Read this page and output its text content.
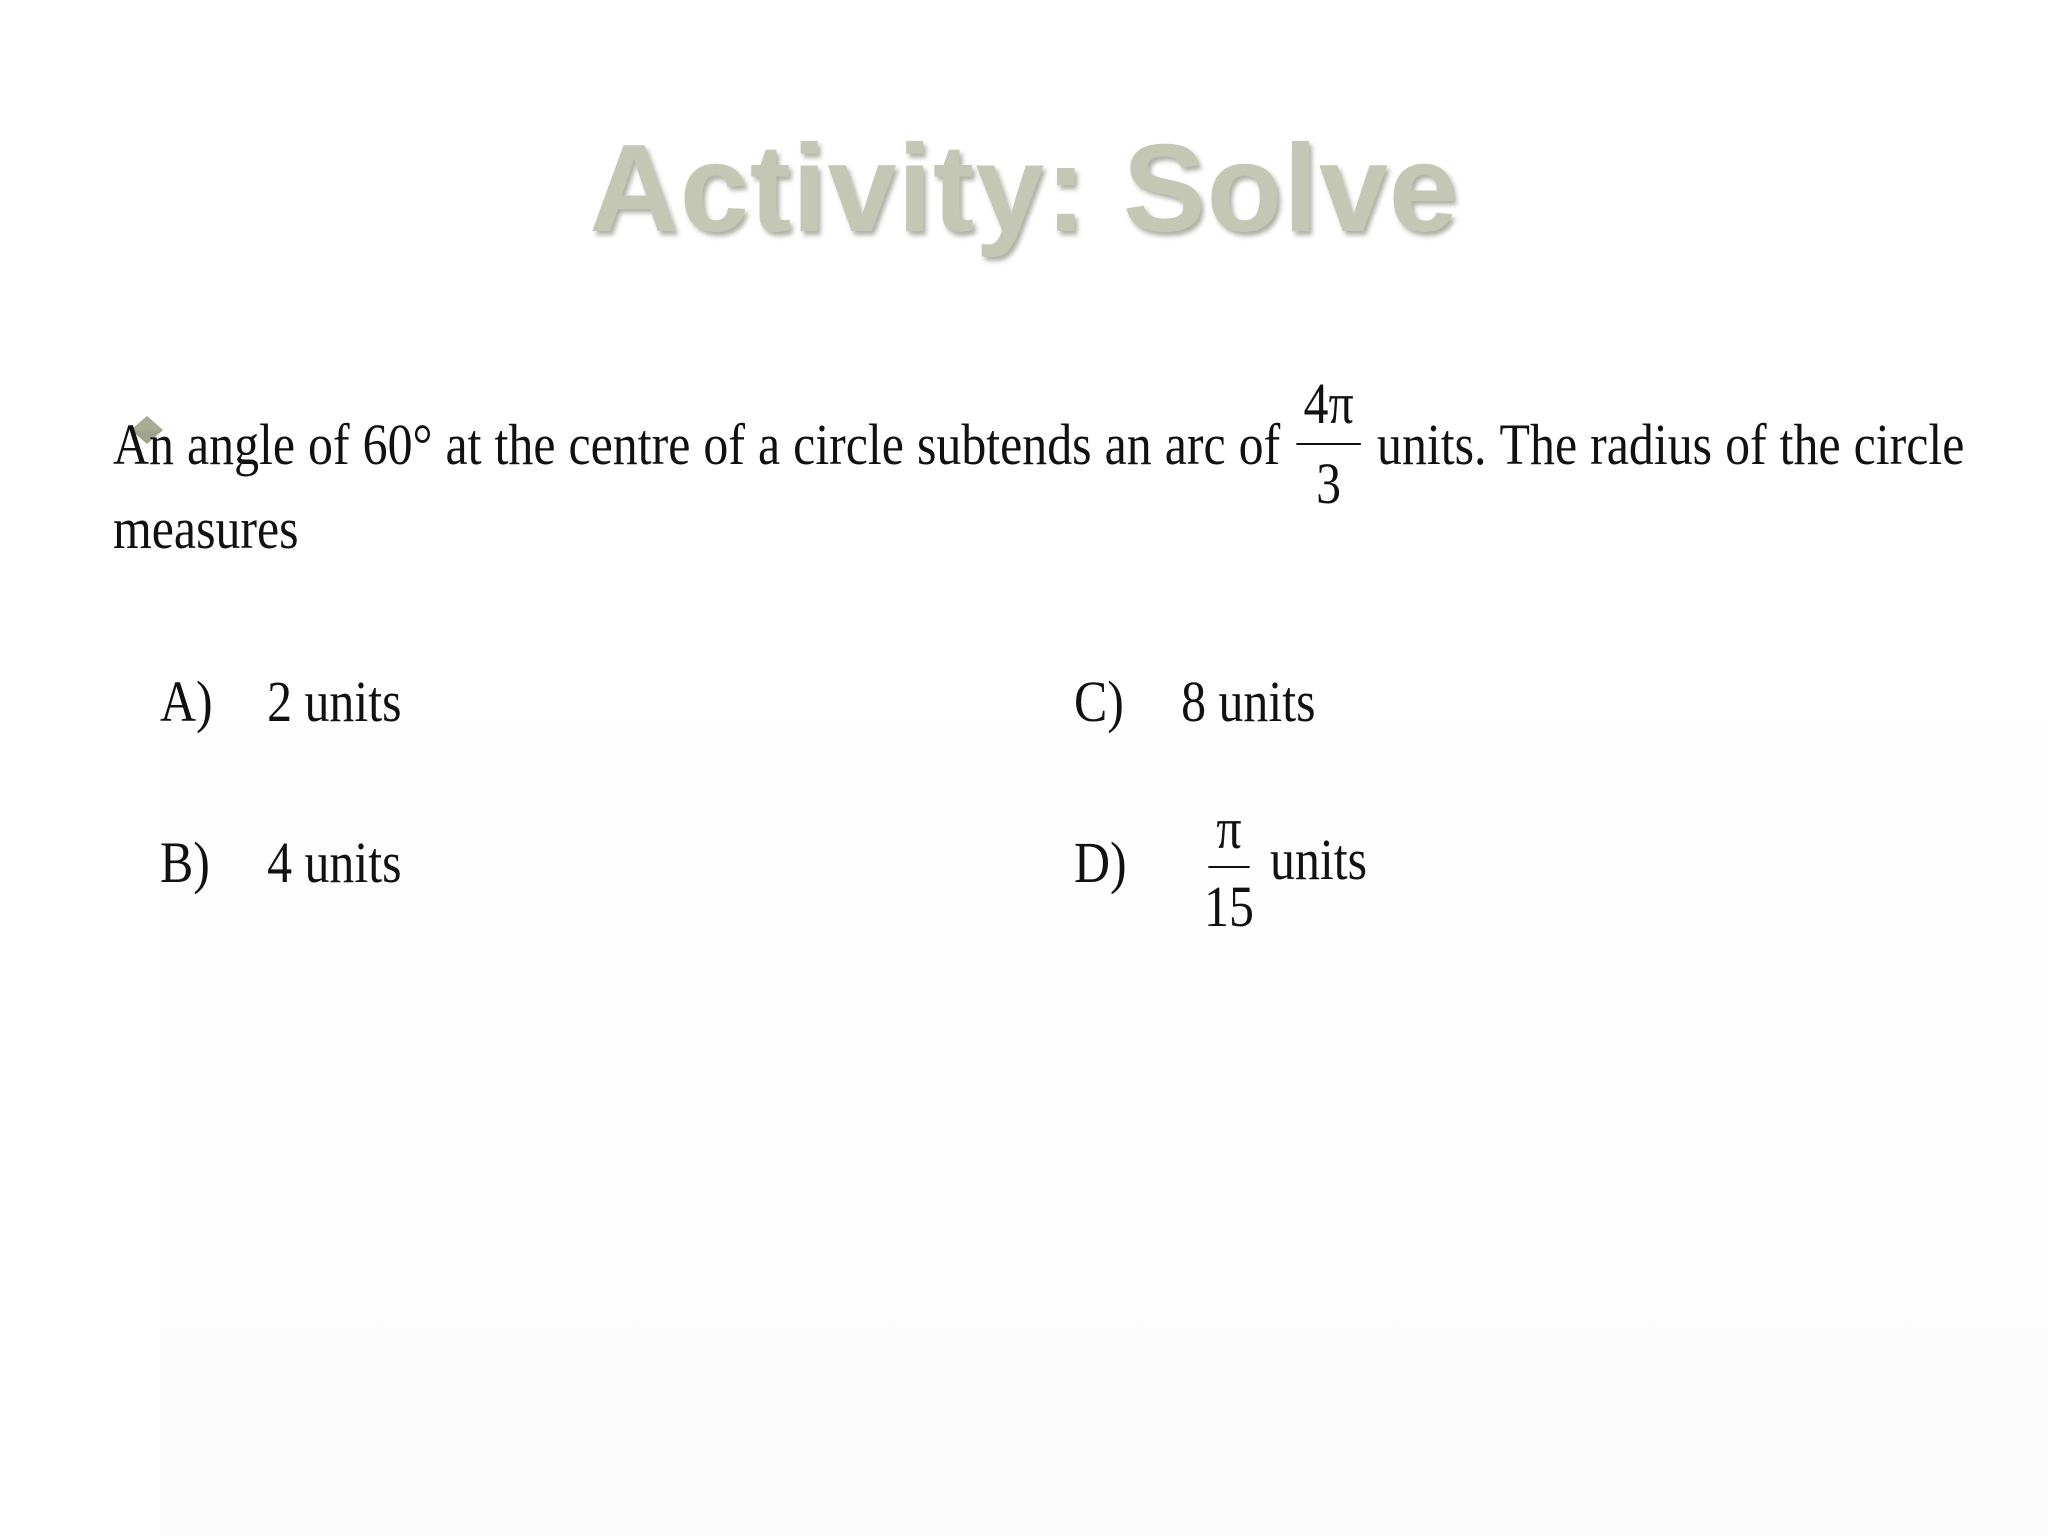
Activity: Solve
An angle of 60° at the centre of a circle subtends an arc of $\frac{4\pi}{3}$ units. The radius of the circle
measures
A) 2 units
B) 4 units
C) 8 units
D)
π
15
units
